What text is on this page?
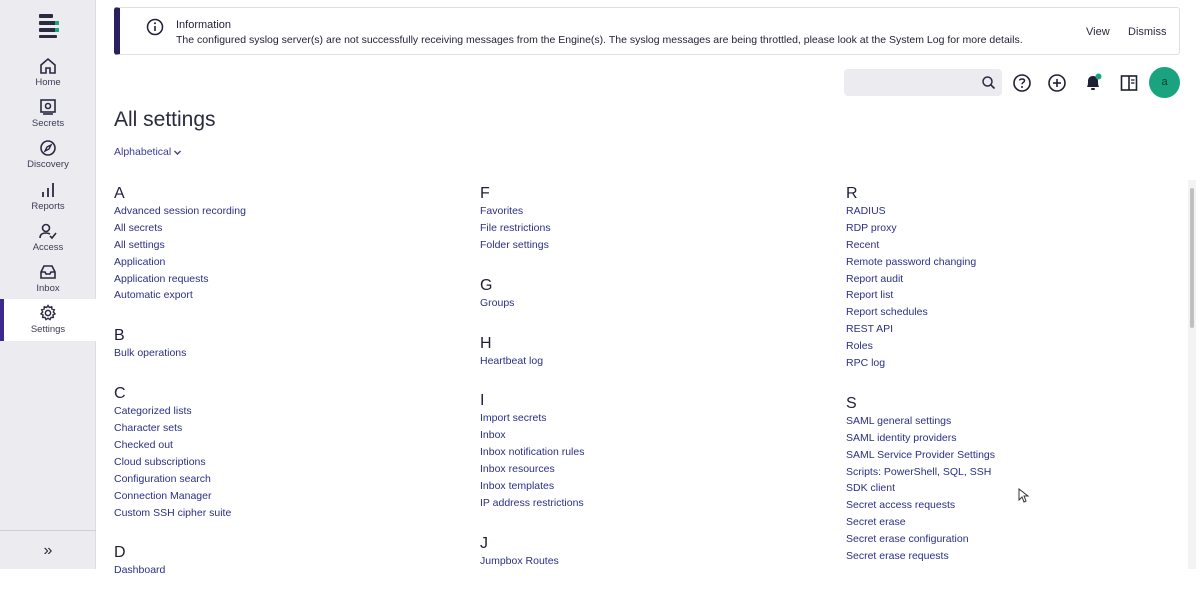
Home
Secrets
Discovery
Reports
Access
Inbox
Settings
»
Information
The configured syslog server(s) are not successfully receiving messages from the Engine(s). The syslog messages are being throttled, please look at the System Log for more details.
View Dismiss
a
All settings
Alphabetical
A
Advanced session recording
All secrets
All settings
Application
Application requests
Automatic export
B
Bulk operations
C
Categorized lists
Character sets
Checked out
Cloud subscriptions
Configuration search
Connection Manager
Custom SSH cipher suite
D
Dashboard
F
Favorites
File restrictions
Folder settings
G
Groups
H
Heartbeat log
I
Import secrets
Inbox
Inbox notification rules
Inbox resources
Inbox templates
IP address restrictions
J
Jumpbox Routes
R
RADIUS
RDP proxy
Recent
Remote password changing
Report audit
Report list
Report schedules
REST API
Roles
RPC log
S
SAML general settings
SAML identity providers
SAML Service Provider Settings
Scripts: PowerShell, SQL, SSH
SDK client
Secret access requests
Secret erase
Secret erase configuration
Secret erase requests
